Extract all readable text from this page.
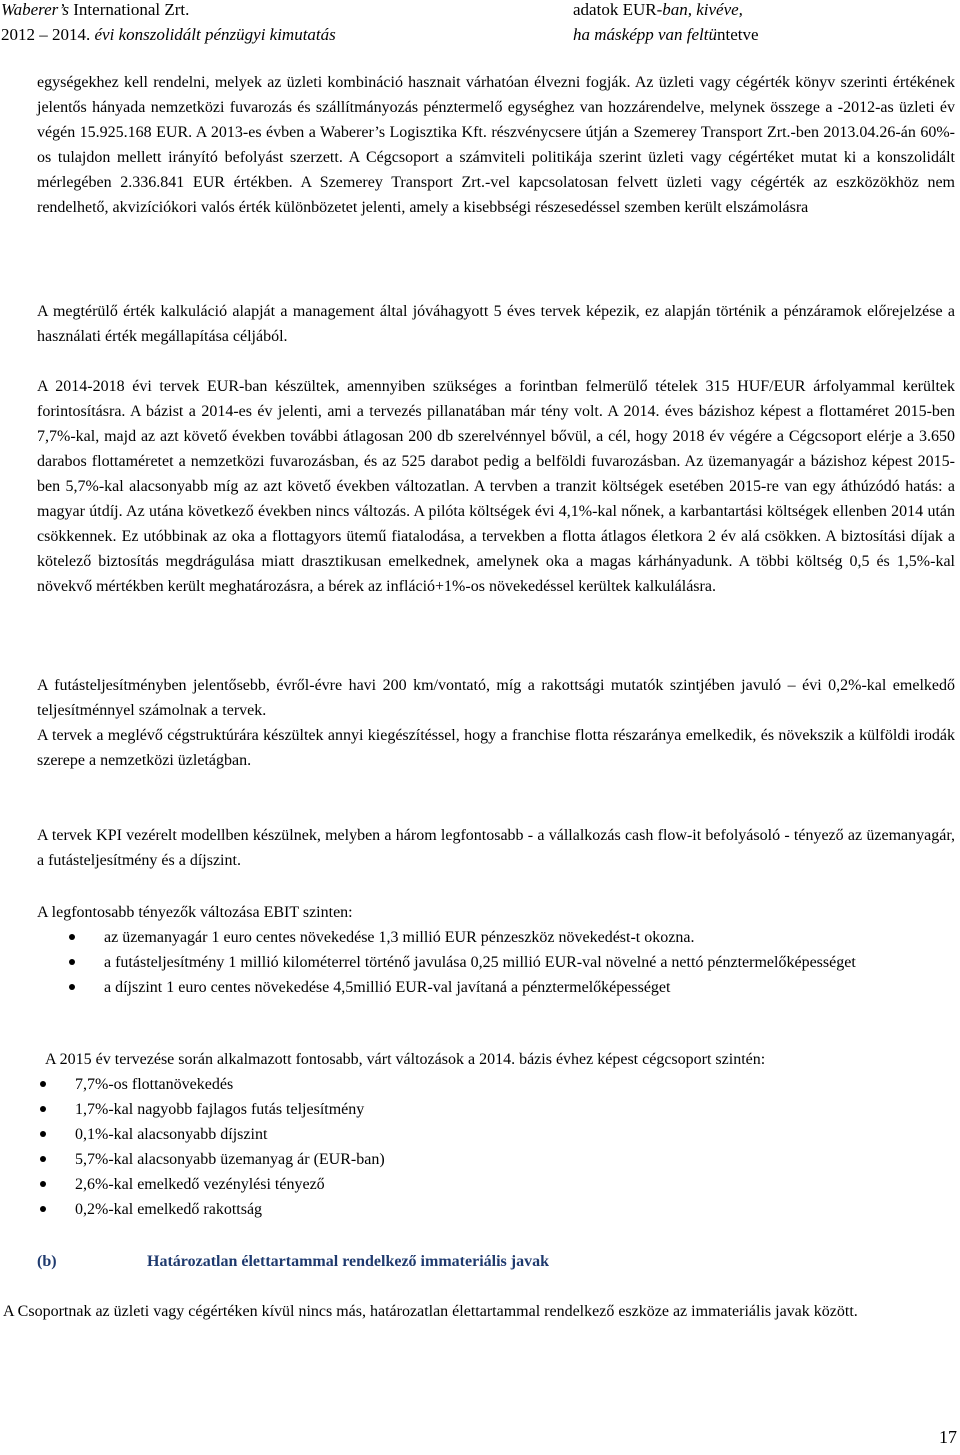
Waberer’s International Zrt.
2012 – 2014. évi konszolidált pénzügyi kimutatás
adatok EUR-ban, kivéve,
ha másképp van feltüntetve

egységekhez kell rendelni, melyek az üzleti kombináció hasznait várhatóan élvezni fogják. Az üzleti vagy cégérték könyv szerinti értékének jelentős hányada nemzetközi fuvarozás és szállítmányozás pénztermelő egységhez van hozzárendelve, melynek összege a -2012-as üzleti év végén 15.925.168 EUR. A 2013-es évben a Waberer’s Logisztika Kft. részvénycsere útján a Szemerey Transport Zrt.-ben 2013.04.26-án 60%-os tulajdon mellett irányító befolyást szerzett. A Cégcsoport a számviteli politikája szerint üzleti vagy cégértéket mutat ki a konszolidált mérlegében 2.336.841 EUR értékben. A Szemerey Transport Zrt.-vel kapcsolatosan felvett üzleti vagy cégérték az eszközökhöz nem rendelhető, akvizíciókori valós érték különbözetet jelenti, amely a kisebbségi részesedéssel szemben került elszámolásra

A megtérülő érték kalkuláció alapját a management által jóváhagyott 5 éves tervek képezik, ez alapján történik a pénzáramok előrejelzése a használati érték megállapítása céljából.

A 2014-2018 évi tervek EUR-ban készültek, amennyiben szükséges a forintban felmerülő tételek 315 HUF/EUR árfolyammal kerültek forintosításra. A bázist a 2014-es év jelenti, ami a tervezés pillanatában már tény volt. A 2014. éves bázishoz képest a flottaméret 2015-ben 7,7%-kal, majd az azt követő években további átlagosan 200 db szerelvénnyel bővül, a cél, hogy 2018 év végére a Cégcsoport elérje a 3.650 darabos flottaméretet a nemzetközi fuvarozásban, és az 525 darabot pedig a belföldi fuvarozásban. Az üzemanyagár a bázishoz képest 2015-ben 5,7%-kal alacsonyabb míg az azt követő években változatlan. A tervben a tranzit költségek esetében 2015-re van egy áthúzódó hatás: a magyar útdíj. Az utána következő években nincs változás. A pilóta költségek évi 4,1%-kal nőnek, a karbantartási költségek ellenben 2014 után csökkennek. Ez utóbbinak az oka a flottagyors ütemű fiatalodása, a tervekben a flotta átlagos életkora 2 év alá csökken. A biztosítási díjak a kötelező biztosítás megdrágulása miatt drasztikusan emelkednek, amelynek oka a magas kárhányadunk. A többi költség 0,5 és 1,5%-kal növekvő mértékben került meghatározásra, a bérek az infláció+1%-os növekedéssel kerültek kalkulálásra.

A futásteljesítményben jelentősebb, évről-évre havi 200 km/vontató, míg a rakottsági mutatók szintjében javuló – évi 0,2%-kal emelkedő teljesítménnyel számolnak a tervek.

A tervek a meglévő cégstruktúrára készültek annyi kiegészítéssel, hogy a franchise flotta részaránya emelkedik, és növekszik a külföldi irodák szerepe a nemzetközi üzletágban.

A tervek KPI vezérelt modellben készülnek, melyben a három legfontosabb - a vállalkozás cash flow-it befolyásoló - tényező az üzemanyagár, a futásteljesítmény és a díjszint.

A legfontosabb tényezők változása EBIT szinten:

az üzemanyagár 1 euro centes növekedése 1,3 millió EUR pénzeszköz növekedést-t okozna.
a futásteljesítmény 1 millió kilométerrel történő javulása 0,25 millió EUR-val növelné a nettó pénztermelőképességet
a díjszint 1 euro centes növekedése 4,5millió EUR-val javítaná a pénztermelőképességet

A 2015 év tervezése során alkalmazott fontosabb, várt változások a 2014. bázis évhez képest cégcsoport szintén:

7,7%-os flottanövekedés
1,7%-kal nagyobb fajlagos futás teljesítmény
0,1%-kal alacsonyabb díjszint
5,7%-kal alacsonyabb üzemanyag ár (EUR-ban)
2,6%-kal emelkedő vezénylési tényező
0,2%-kal emelkedő rakottság
(b)	Határozatlan élettartammal rendelkező immateriális javak

A Csoportnak az üzleti vagy cégértéken kívül nincs más, határozatlan élettartammal rendelkező eszköze az immateriális javak között.

17
